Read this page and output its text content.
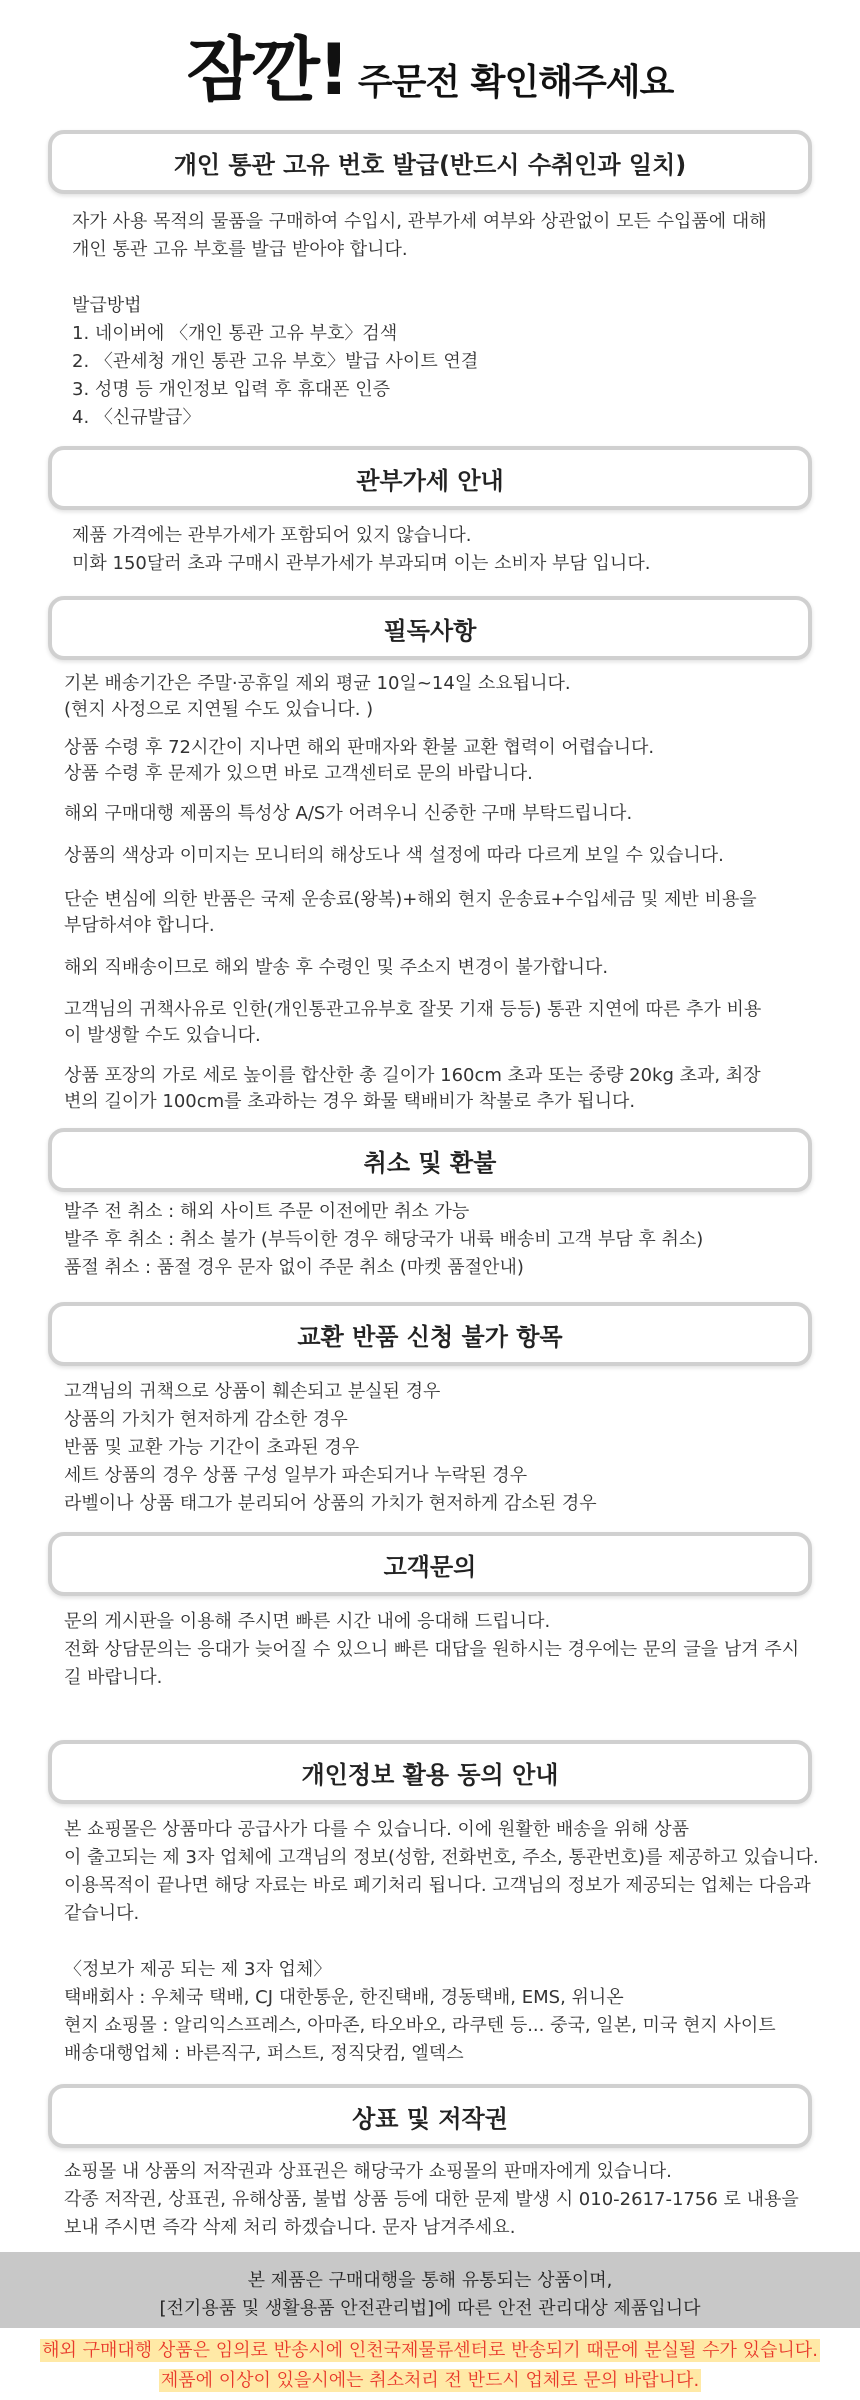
잠깐! 주문전 확인해주세요
개인 통관 고유 번호 발급(반드시 수취인과 일치)
자가 사용 목적의 물품을 구매하여 수입시, 관부가세 여부와 상관없이 모든 수입품에 대해
개인 통관 고유 부호를 발급 받아야 합니다.
발급방법
1. 네이버에 〈개인 통관 고유 부호〉검색
2. 〈관세청 개인 통관 고유 부호〉발급 사이트 연결
3. 성명 등 개인정보 입력 후 휴대폰 인증
4. 〈신규발급〉
관부가세 안내
제품 가격에는 관부가세가 포함되어 있지 않습니다.
미화 150달러 초과 구매시 관부가세가 부과되며 이는 소비자 부담 입니다.
필독사항
기본 배송기간은 주말·공휴일 제외 평균 10일~14일 소요됩니다.
(현지 사정으로 지연될 수도 있습니다. )
상품 수령 후 72시간이 지나면 해외 판매자와 환불 교환 협력이 어렵습니다.
상품 수령 후 문제가 있으면 바로 고객센터로 문의 바랍니다.
해외 구매대행 제품의 특성상 A/S가 어려우니 신중한 구매 부탁드립니다.
상품의 색상과 이미지는 모니터의 해상도나 색 설정에 따라 다르게 보일 수 있습니다.
단순 변심에 의한 반품은 국제 운송료(왕복)+해외 현지 운송료+수입세금 및 제반 비용을
부담하셔야 합니다.
해외 직배송이므로 해외 발송 후 수령인 및 주소지 변경이 불가합니다.
고객님의 귀책사유로 인한(개인통관고유부호 잘못 기재 등등) 통관 지연에 따른 추가 비용
이 발생할 수도 있습니다.
상품 포장의 가로 세로 높이를 합산한 총 길이가 160cm 초과 또는 중량 20kg 초과, 최장
변의 길이가 100cm를 초과하는 경우 화물 택배비가 착불로 추가 됩니다.
취소 및 환불
발주 전 취소 : 해외 사이트 주문 이전에만 취소 가능
발주 후 취소 : 취소 불가 (부득이한 경우 해당국가 내륙 배송비 고객 부담 후 취소)
품절 취소 : 품절 경우 문자 없이 주문 취소 (마켓 품절안내)
교환 반품 신청 불가 항목
고객님의 귀책으로 상품이 훼손되고 분실된 경우
상품의 가치가 현저하게 감소한 경우
반품 및 교환 가능 기간이 초과된 경우
세트 상품의 경우 상품 구성 일부가 파손되거나 누락된 경우
라벨이나 상품 태그가 분리되어 상품의 가치가 현저하게 감소된 경우
고객문의
문의 게시판을 이용해 주시면 빠른 시간 내에 응대해 드립니다.
전화 상담문의는 응대가 늦어질 수 있으니 빠른 대답을 원하시는 경우에는 문의 글을 남겨 주시
길 바랍니다.
개인정보 활용 동의 안내
본 쇼핑몰은 상품마다 공급사가 다를 수 있습니다. 이에 원활한 배송을 위해 상품
이 출고되는 제 3자 업체에 고객님의 정보(성함, 전화번호, 주소, 통관번호)를 제공하고 있습니다.
이용목적이 끝나면 해당 자료는 바로 폐기처리 됩니다. 고객님의 정보가 제공되는 업체는 다음과
같습니다.
〈정보가 제공 되는 제 3자 업체〉
택배회사 : 우체국 택배, CJ 대한통운, 한진택배, 경동택배, EMS, 위니온
현지 쇼핑몰 : 알리익스프레스, 아마존, 타오바오, 라쿠텐 등... 중국, 일본, 미국 현지 사이트
배송대행업체 : 바른직구, 퍼스트, 정직닷컴, 엘덱스
상표 및 저작권
쇼핑몰 내 상품의 저작권과 상표권은 해당국가 쇼핑몰의 판매자에게 있습니다.
각종 저작권, 상표권, 유해상품, 불법 상품 등에 대한 문제 발생 시 010-2617-1756 로 내용을
보내 주시면 즉각 삭제 처리 하겠습니다. 문자 남겨주세요.
본 제품은 구매대행을 통해 유통되는 상품이며,
[전기용품 및 생활용품 안전관리법]에 따른 안전 관리대상 제품입니다
해외 구매대행 상품은 임의로 반송시에 인천국제물류센터로 반송되기 때문에 분실될 수가 있습니다.
제품에 이상이 있을시에는 취소처리 전 반드시 업체로 문의 바랍니다.
